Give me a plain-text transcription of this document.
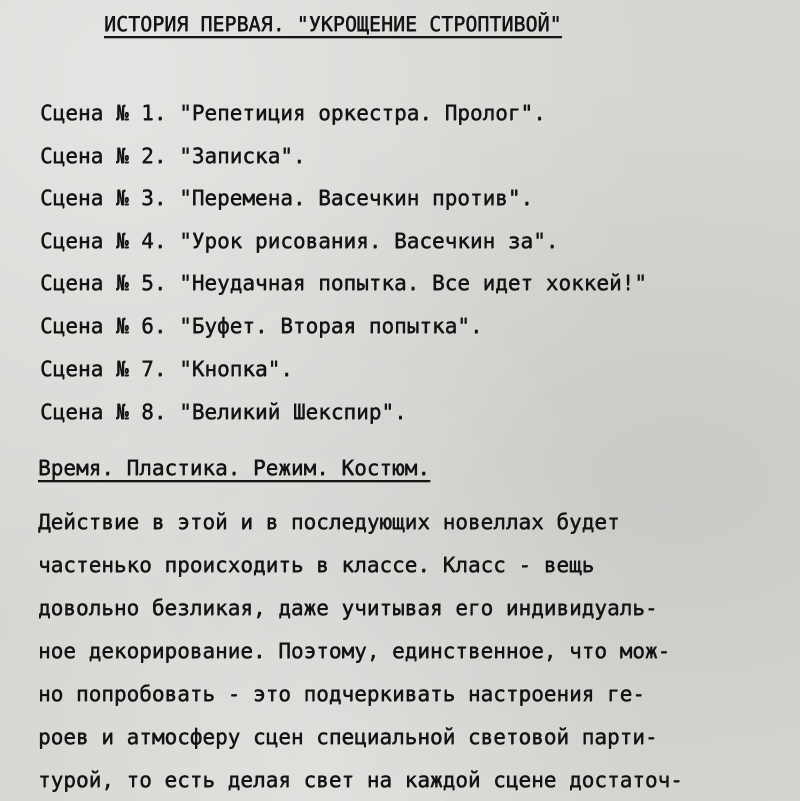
ИСТОРИЯ ПЕРВАЯ. "УКРОЩЕНИЕ СТРОПТИВОЙ"
Сцена № 1. "Репетиция оркестра. Пролог".
Сцена № 2. "Записка".
Сцена № 3. "Перемена. Васечкин против".
Сцена № 4. "Урок рисования. Васечкин за".
Сцена № 5. "Неудачная попытка. Все идет хоккей!"
Сцена № 6. "Буфет. Вторая попытка".
Сцена № 7. "Кнопка".
Сцена № 8. "Великий Шекспир".
Время. Пластика. Режим. Костюм.
Действие в этой и в последующих новеллах будет
частенько происходить в классе. Класс - вещь
довольно безликая, даже учитывая его индивидуаль-
ное декорирование. Поэтому, единственное, что мож-
но попробовать - это подчеркивать настроения ге-
роев и атмосферу сцен специальной световой парти-
турой, то есть делая свет на каждой сцене достаточ-
